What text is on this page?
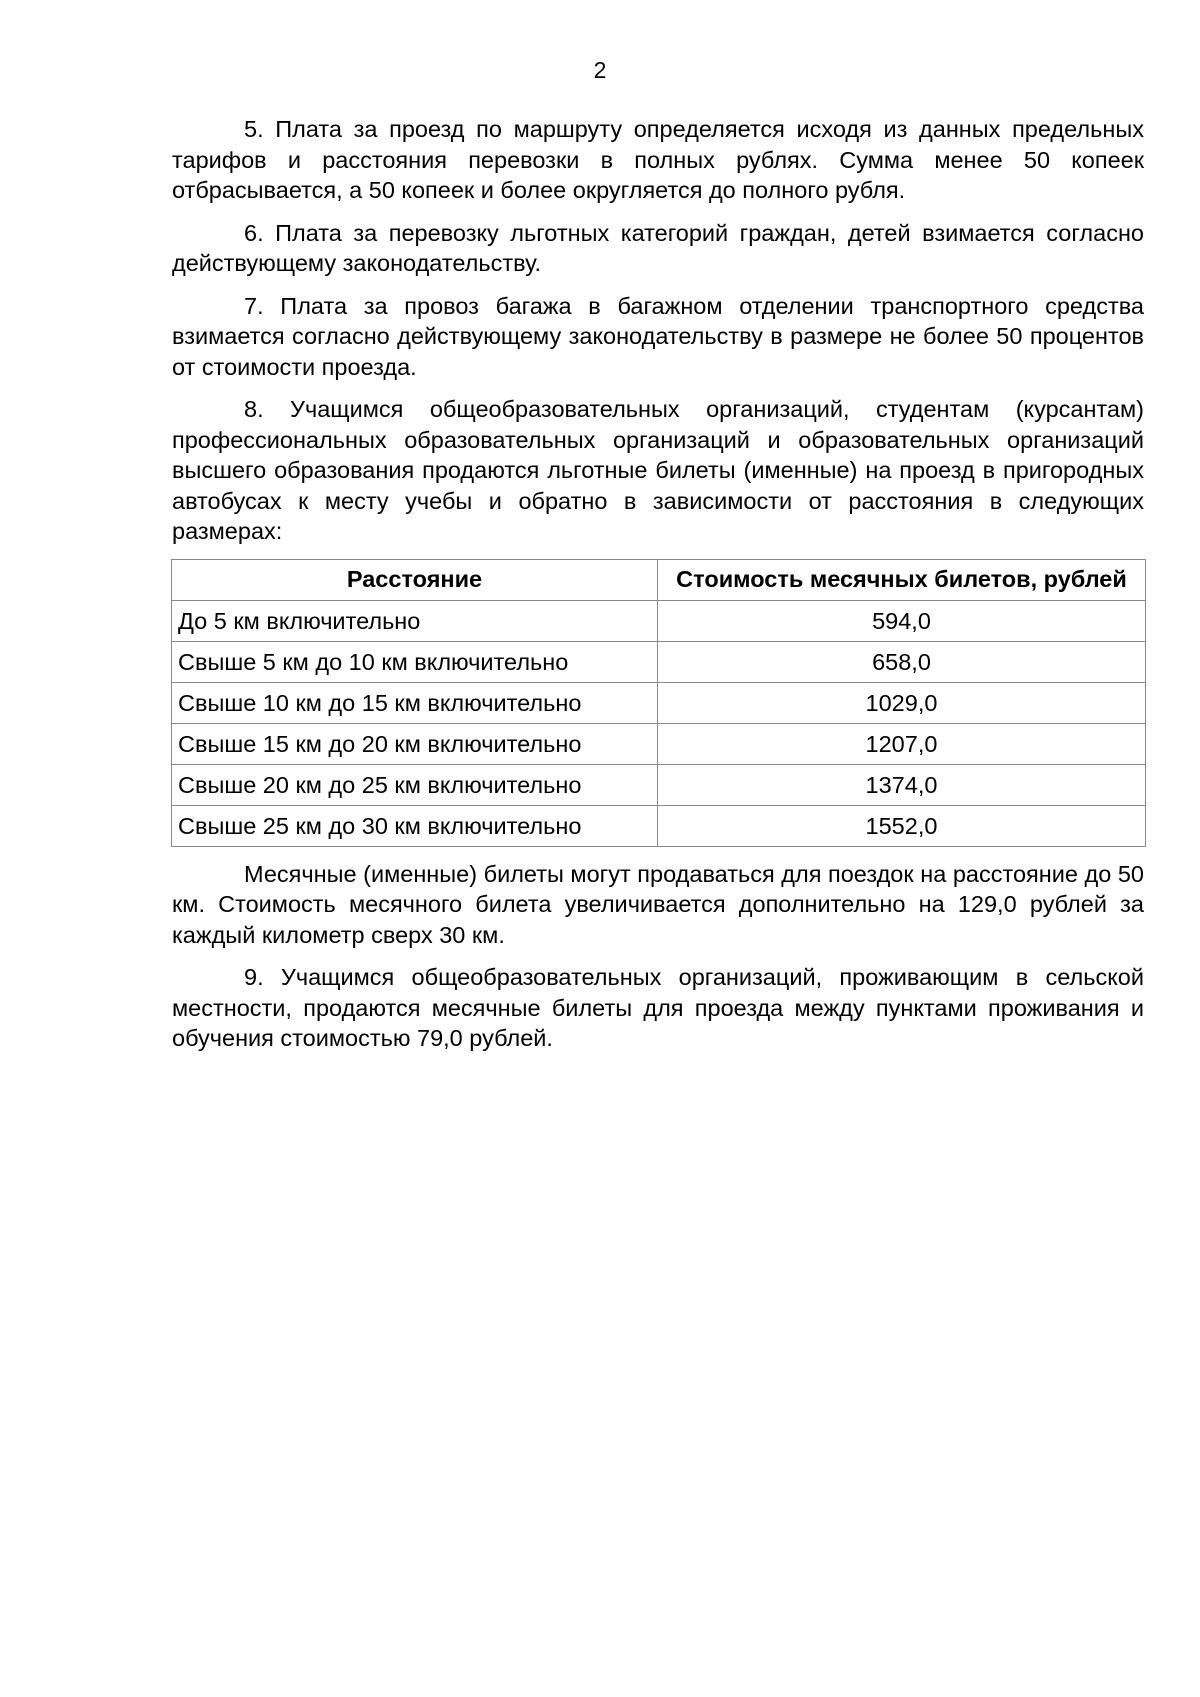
2

5. Плата за проезд по маршруту определяется исходя из данных предельных тарифов и расстояния перевозки в полных рублях. Сумма менее 50 копеек отбрасывается, а 50 копеек и более округляется до полного рубля.

6. Плата за перевозку льготных категорий граждан, детей взимается согласно действующему законодательству.

7. Плата за провоз багажа в багажном отделении транспортного средства взимается согласно действующему законодательству в размере не более 50 процентов от стоимости проезда.

8. Учащимся общеобразовательных организаций, студентам (курсантам) профессиональных образовательных организаций и образовательных организаций высшего образования продаются льготные билеты (именные) на проезд в пригородных автобусах к месту учебы и обратно в зависимости от расстояния в следующих размерах:

Расстояние	Стоимость месячных билетов, рублей
До 5 км включительно	594,0
Свыше 5 км до 10 км включительно	658,0
Свыше 10 км до 15 км включительно	1029,0
Свыше 15 км до 20 км включительно	1207,0
Свыше 20 км до 25 км включительно	1374,0
Свыше 25 км до 30 км включительно	1552,0

Месячные (именные) билеты могут продаваться для поездок на расстояние до 50 км. Стоимость месячного билета увеличивается дополнительно на 129,0 рублей за каждый километр сверх 30 км.

9. Учащимся общеобразовательных организаций, проживающим в сельской местности, продаются месячные билеты для проезда между пунктами проживания и обучения стоимостью 79,0 рублей.
